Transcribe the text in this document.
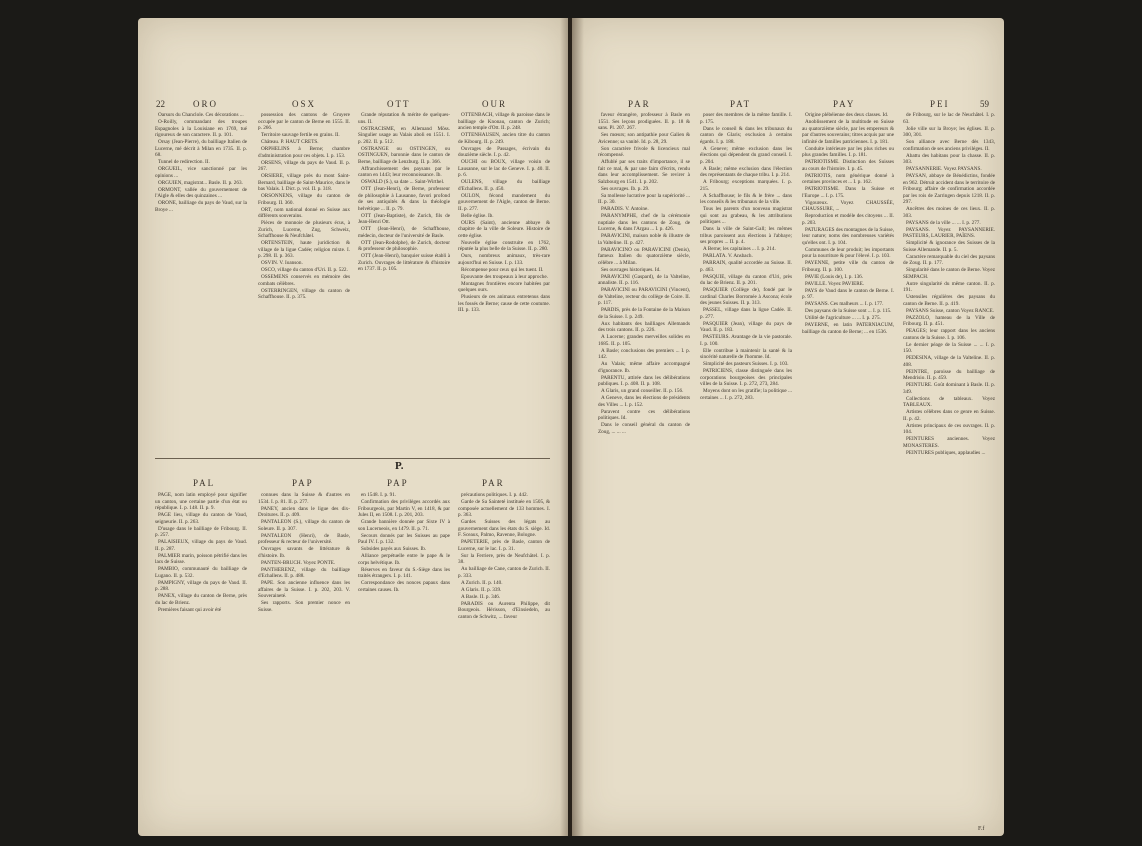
22	ORO	OSX	OTT	OUR

Oarsurs du Chanclole. Ces décorations ...

O-Roilly, commandant des troupes Espagnoles à la Louisiane en 1769, tué rigoureux de son caractere. II. p. 101.

Orsay (Jean-Pierre), du bailliage Italien de Lucerne, mé décrit à Milan en 1735. II. p. 68.

Tunnel de redirection. II.

ORGUEIL, vice sanctionné par les opinions ...

ORGUIEN, magistrat... Basle. II. p. 263.

ORMONT, vallée du gouvernement de l'Aigle & elles des quinzaines ...

ORONE, bailliage du pays de Vaud, sur la Broye ...

possession des cantons de Gruyere occupée par le canton de Berne en 1555. II. p. 266.

Territoire sauvage fertile en grains. II.

Château. P. HAUT CRETS.

ORPHELINS à Berne; chambre d'administration pour ces objets. I. p. 153.

ORSENS, village du pays de Vaud. II. p. 267.

ORSIERE, village près du mont Saint-Bernard, bailliage de Saint-Maurice, dans le bas Valais. I. Dict. p. vol. II. p. 318.

ORSONNENS, village du canton de Fribourg. II. 360.

ORT, nom national donné en Suisse aux différents souverains.

Pièces de monnoie de plusieurs écus, à Zurich, Lucerne, Zug, Schweiz, Schaffhouse & Neufchâtel.

ORTENSTEIN, haute juridiction & village de la ligue Cadée; religion mixte. I. p. 298. II. p. 363.

OSVIN. V. Ioanson.

OSCO, village du canton d'Uri. II. p. 522.

OSSEMENS conservés en mémoire des combats célèbres.

OSTERRINGEN, village du canton de Schaffhouse. II. p. 375.

Grande réputation & mérite de quelques-uns. II.

OSTRACISME, en Allemand Möss. Singulier usage au Valais aboli en 1551. I. p. 202. II. p. 512.

OSTRANGE ou OSTINGEN, ou OSTINGUEN, baronnie dans le canton de Berne, bailliage de Lenzburg. II. p. 366.

Affranchissement des paysans par le canton en 1443; leur reconnoissance. Ib.

OSWALD (S.), sa date ... Saint-Wirthel.

OTT (Jean-Henri), de Berne, professeur de philosophie à Lausanne, favori profond de ses antiquités & dans la théologie helvétique ... II. p. 79.

OTT (Jean-Baptiste), de Zurich, fils de Jean-Henri Ott.

OTT (Jean-Henri), de Schaffhouse, médecin, docteur de l'université de Basle.

OTT (Jean-Rodolphe), de Zurich, docteur & professeur de philosophie.

OTT (Jean-Henri), banquier suisse établi à Zurich. Ouvrages de littérature & d'histoire en 1737. II. p. 105.

OTTENBACH, village & paroisse dans le bailliage de Knonau, canton de Zurich; ancien temple d'Ott. II. p. 248.

OTTENHAUSEN, ancien titre du canton de Kibourg. II. p. 249.

Ouvrages de Passages, écrivain du douzième siècle. I. p. 42.

OUCHI ou BOUX, village voisin de Lausanne, sur le lac de Geneve. I. p. 40. II. p. 6.

OULENS, village du bailliage d'Echallens. II. p. 450.

OULON, fécond mandement du gouvernement de l'Aigle, canton de Berne. II. p. 277.

Belle église. Ib.

OURS (Saint), ancienne abbaye & chapitre de la ville de Soleure. Histoire de cette église.

Nouvelle église construite en 1762, réputée la plus belle de la Suisse. II. p. 280.

Ours, nombreux animaux, très-rare aujourd'hui en Suisse. I. p. 133.

Récompense pour ceux qui les tuent. II.

Epouvante des troupeaux à leur approche.

Montagnes frontières encore habitées par quelques ours.

Plusieurs de ces animaux entretenus dans les fossés de Berne; cause de cette coutume. III. p. 133.

P.
PAL	PAP	PAP	PAR

PAGE, nom latin employé pour signifier un canton, une certaine partie d'un état ou république. I. p. 148. II. p. 9.

PAGE lieu, village du canton de Vaud, seigneurie. II. p. 263.

D'usage dans le bailliage de Fribourg. II. p. 257.

PALAISIEUX, village du pays de Vaud. II. p. 287.

PALMIER marin, poisson pétrifié dans les lacs de Suisse.

PAMBIO, communauté du bailliage de Lugano. II. p. 532.

PAMPIGNY, village du pays de Vaud. II. p. 288.

PANEX, village du canton de Berne, près du lac de Brienz.

Premières faisant qui avoir été

connues dans la Suisse & d'autres en 1534. I. p. 81. II. p. 277.

PANEY, ancien dans le ligue des dix-Droitures. II. p. 409.

PANTALEON (S.), village du canton de Soleure. II. p. 307.

PANTALEON (Henri), de Basle, professeur & recteur de l'université.

Ouvrages savants de littérature & d'histoire. Ib.

PANTEN-BRUCH. Voyez PONTE.

PANTHERENZ, village du bailliage d'Echallens. II. p. 488.

PAPE. Son ancienne influence dans les affaires de la Suisse. I. p. 202, 203. V. Souveraineté.

Ses rapports. Son premier nonce en Suisse.

en 1548. I. p. 91.

Confirmation des privilèges accordés aux Fribourgeois, par Martin V, en 1418, & par Jules II, en 1508. I. p. 201, 203.

Grande bannière donnée par Sixte IV à son Lucerneois, en 1479. II. p. 71.

Secours donnés par les Suisses au pape Paul IV. I. p. 132.

Subsides payés aux Suisses. Ib.

Alliance perpétuelle entre le pape & le corps helvétique. Ib.

Réserves en faveur du S.-Siège dans les traités étrangers. I. p. 141.

Correspondance des nonces papaux dans certaines causes. Ib.

précautions politiques. I. p. 442.

Garde de Sa Sainteté instituée en 1505, & composée actuellement de 133 hommes. I. p. 363.

Gardes Suisses des légats au gouvernement dans les états du S. siège. Id. F. Sceaux, Palmo, Ravenne, Bologne.

PAPETERIE, près de Basle, canton de Lucerne, sur le lac. I. p. 31.

Sur la Ferriere, près de Neufchâtel. I. p. 38.

Au bailliage de Cane, canton de Zurich. II. p. 333.

A Zurich. II. p. 140.

A Glaris. II. p. 339.

A Basle. II. p. 346.

PARADIS ou Aurenta Philippe, dit Bourgeois. Hérisson, d'Einsiedeln, au canton de Schwitz, ... faveur

PAR	PAT	PAY	PEI	59

faveur étrangère, professeur à Basle en 1551. Ses leçons prodiguées. II. p. 18 & sans. Pl. 207. 267.

Ses mœurs; son antipathie pour Galien & Avicenne; sa vanité. Id. p. 28, 29.

Son caractère frivole & licencieux mal récompensé.

Affublé par ses traits d'importance, il se fait ce mal, & par une faim d'écrits, rendu dans leur accomplissement. Se revirer à Salzbourg en 1541. I. p. 202.

Ses ouvrages. Ib. p. 29.

Sa mollesse lucrative pour la supériorité ... II. p. 30.

PARADIS. V. Antoine.

PARANYMPHE, chef de la cérémonie nuptiale dans les cantons de Zoug, de Lucerne, & dans l'Argau ... I. p. 426.

PARAVICINI, maison noble & illustre de la Valteline. II. p. 427.

PARAVICINO ou PARAVICINI (Denis), fameux Italien du quatorzième siècle, célèbre ... à Milan.

Ses ouvrages historiques. Id.

PARAVICINI (Gaspard), de la Valteline, annaliste. II. p. 116.

PARAVICINI ou PARAVICINI (Vincent), de Valteline, recteur du collège de Coire. II. p. 117.

PARDIS, près de la Fontaine de la Maison de la Suisse. I. p. 249.

Aux habitants des bailliages Allemands des trois cantons. II. p. 226.

A Lucerne; grandes merveilles solides en 1685. II. p. 105.

A Basle; conclusions des premiers ... I. p. 142.

Au Valais; même affaire accompagné d'ignorance. Ib.

PARENTU, attirée dans les délibérations publiques. I. p. 408. II. p. 108.

A Glaris, un grand conseiller. II. p. 156.

A Geneve, dans les élections de présidents des Villes ... I. p. 152.

Paravent contre ces délibérations politiques. Id.

Dans le conseil général du canton de Zoug, ... ... ...

poser des membres de la même famille. I. p. 175.

Dans le conseil & dans les tribunaux du canton de Glaris; exclusion à certains égards. I. p. 188.

A Geneve; même exclusion dans les élections qui dépendent du grand conseil. I. p. 204.

A Basle; même exclusion dans l'élection des représentants de chaque tribu. I. p. 214.

A Fribourg; exceptions marquées. I. p. 215.

A Schaffhouse; le fils & le frère ... dans les conseils & les tribunaux de la ville.

Tous les parents d'un nouveau magistrat qui sont au grabeau, & les attributions politiques ...

Dans la ville de Saint-Gall; les mêmes tribus paroissent aux élections à l'abbaye; ses propres ... II. p. 4.

A Berne; les capitaines ... I. p. 214.

PARLATA. V. Ansbach.

PARRAIN, qualité accordée au Suisse. II. p. 463.

PASQUIE, village du canton d'Uri, près du lac de Brienz. II. p. 201.

PASQUIER (Collège de), fondé par le cardinal Charles Borromée à Ascona; école des jeunes Suisses. II. p. 313.

PASSEL, village dans la ligue Cadée. II. p. 277.

PASQUIER (Jean), village du pays de Vaud. II. p. 183.

PASTEURS. Avantage de la vie pastorale. I. p. 100.

Elle contribue à maintenir la santé & la sincérité naturelle de l'homme. Id.

Simplicité des pasteurs Suisses. I. p. 103.

PATRICIENS, classe distinguée dans les corporations bourgeoises des principales villes de la Suisse. I. p. 272, 273, 284.

Moyens dont on les gratifie; la politique ... certaines ... I. p. 272, 283.

Origine plébéienne des deux classes. Id.

Anoblissement de la multitude en Suisse au quatorzième siècle, par les empereurs & par d'autres souverains; titres acquis par une infinité de familles patriciennes. I. p. 181.

Conduite intérieure par les plus riches ou plus grandes familles. I. p. 181.

PATRIOTISME. Distinction des Suisses au cours de l'histoire. I. p. 45.

PATRIOTIS, nom générique donné à certaines provinces et ... I. p. 162.

PATRIOTISME. Dans la Suisse et l'Europe ... I. p. 175.

Vigoureux. Voyez CHAUSSÉE, CHAUSSURE, ...

Reproduction et modèle des citoyens ... II. p. 203.

PATURAGES des montagnes de la Suisse, leur nature; noms des nombreuses variétés qu'elles ont. I. p. 104.

Communes de leur produit; les importants pour la nourriture & pour l'élevé. I. p. 103.

PAYENNE, petite ville du canton de Fribourg. II. p. 100.

PAVIE (Louis de), I. p. 136.

PAVILLE. Voyez PAVIERE.

PAYS de Vaud dans le canton de Berne. I. p. 97.

PAYSANS. Ces malheurs ... I. p. 177.

Des paysans de la Suisse sont ... I. p. 115.

Utilité de l'agriculture ... ... I. p. 275.

PAYERNE, en latin PATERNIACUM, bailliage du canton de Berne; ... en 1536.

de Fribourg, sur le lac de Neuchâtel. I. p. 63.

Jolie ville sur la Broye; les églises. II. p. 300, 301.

Son alliance avec Berne dès 1343, confirmation de ses anciens priviléges. II.

Abattu des habitans pour la chasse. II. p. 303.

PAYSANNERIE. Voyez PAYSANS.

PAYSAN, abbaye de Bénédictins, fondée en 962. Détruit accident dans le territoire de Fribourg; affaire de confirmation accordée par les rois de Zarringen depuis 1218. II. p. 297.

Ancêtres des moines de ces lieux. II. p. 303.

PAYSANS de la ville ... ... I. p. 277.

PAYSANS. Voyez PAYSANNERIE. PASTEURS, LAURIER, PAÏENS.

Simplicité & ignorance des Suisses de la Suisse Allemande. II. p. 5.

Caractère remarquable du ciel des paysans de Zoug. II. p. 177.

Singularité dans le canton de Berne. Voyez SEMPACH.

Autre singularité du même canton. II. p. 191.

Ustensiles régulières des paysans du canton de Berne. II. p. 419.

PAYSANS Suisse, canton Voyez RANCE.

PAZZOLO, hameau de la Ville de Fribourg. II. p. 451.

PEAGES; leur rapport dans les anciens cantons de la Suisse. I. p. 106.

Le dernier péage de la Suisse ... ... I. p. 150.

PEDESINA, village de la Valteline. II. p. 408.

PEINTRE, paroisse du bailliage de Mendrisio. II. p. 459.

PEINTURE. Goût dominant à Basle. II. p. 349.

Collections de tableaux. Voyez TABLEAUX.

Artistes célèbres dans ce genre en Suisse. II. p. 42.

Artistes principaux de ces ouvrages. II. p. 104.

PEINTURES anciennes. Voyez MONASTERES.

PEINTURES publiques, applaudies ...

F.f
